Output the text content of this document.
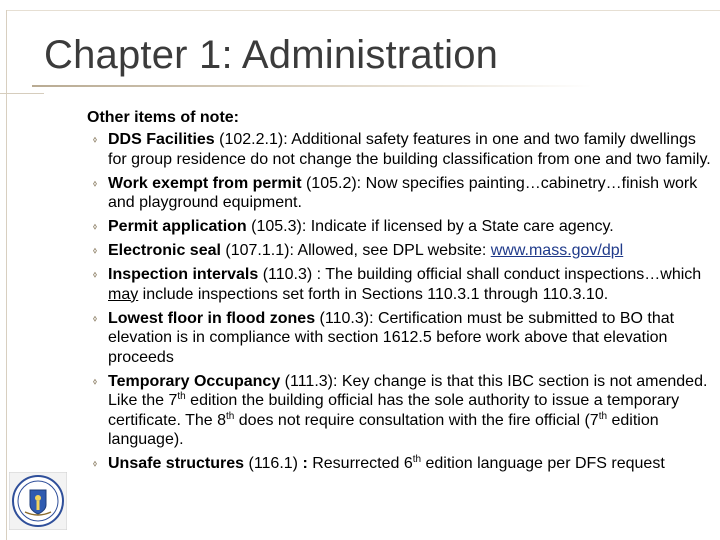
Chapter 1: Administration
Other items of note:
⬫ DDS Facilities (102.2.1): Additional safety features in one and two family dwellings for group residence do not change the building classification from one and two family.
⬫ Work exempt from permit (105.2): Now specifies painting…cabinetry…finish work and playground equipment.
⬫ Permit application (105.3): Indicate if licensed by a State care agency.
⬫ Electronic seal (107.1.1): Allowed, see DPL website: www.mass.gov/dpl
⬫ Inspection intervals (110.3) : The building official shall conduct inspections…which may include inspections set forth in Sections 110.3.1 through 110.3.10.
⬫ Lowest floor in flood zones (110.3): Certification must be submitted to BO that elevation is in compliance with section 1612.5 before work above that elevation proceeds
⬫ Temporary Occupancy (111.3): Key change is that this IBC section is not amended. Like the 7th edition the building official has the sole authority to issue a temporary certificate. The 8th does not require consultation with the fire official (7th edition language).
⬫ Unsafe structures (116.1) : Resurrected 6th edition language per DFS request
